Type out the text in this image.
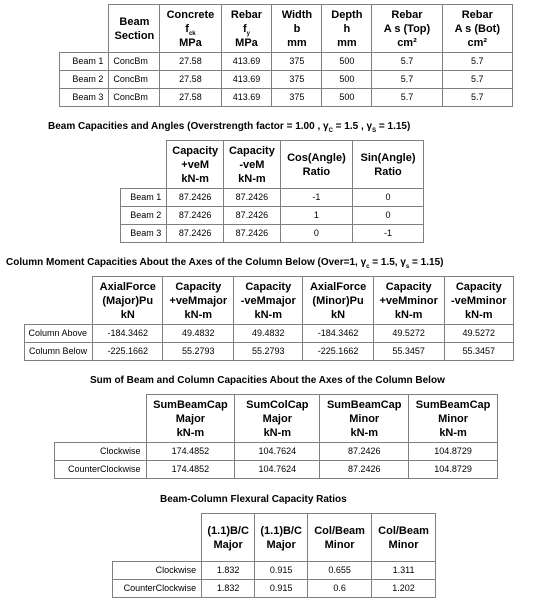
	Beam
Section	Concrete
$f_{ck}$
MPa	Rebar
$f_y$
MPa	Width
b
mm	Depth
h
mm	Rebar
A s (Top)
cm²	Rebar
A s (Bot)
cm²

Beam 1	ConcBm	27.58	413.69	375	500	5.7	5.7
Beam 2	ConcBm	27.58	413.69	375	500	5.7	5.7
Beam 3	ConcBm	27.58	413.69	375	500	5.7	5.7
Beam Capacities and Angles (Overstrength factor = 1.00 , $\gamma_C = 1.5$ , $\gamma_S = 1.15$)

	Capacity
+veM
kN-m	Capacity
-veM
kN-m	Cos(Angle)
Ratio	Sin(Angle)
Ratio

Beam 1	87.2426	87.2426	-1	0
Beam 2	87.2426	87.2426	1	0
Beam 3	87.2426	87.2426	0	-1
Column Moment Capacities About the Axes of the Column Below (Over=1, $\gamma_c = 1.5$, $\gamma_s = 1.15$)

	AxialForce
(Major)Pu
kN	Capacity
+veMmajor
kN-m	Capacity
-veMmajor
kN-m	AxialForce
(Minor)Pu
kN	Capacity
+veMminor
kN-m	Capacity
-veMminor
kN-m

Column Above	-184.3462	49.4832	49.4832	-184.3462	49.5272	49.5272
Column Below	-225.1662	55.2793	55.2793	-225.1662	55.3457	55.3457
Sum of Beam and Column Capacities About the Axes of the Column Below

	SumBeamCap
Major
kN-m	SumColCap
Major
kN-m	SumBeamCap
Minor
kN-m	SumBeamCap
Minor
kN-m

Clockwise	174.4852	104.7624	87.2426	104.8729
CounterClockwise	174.4852	104.7624	87.2426	104.8729
Beam-Column Flexural Capacity Ratios

	(1.1)B/C
Major	(1.1)B/C
Major	Col/Beam
Minor	Col/Beam
Minor

Clockwise	1.832	0.915	0.655	1.311
CounterClockwise	1.832	0.915	0.6	1.202
